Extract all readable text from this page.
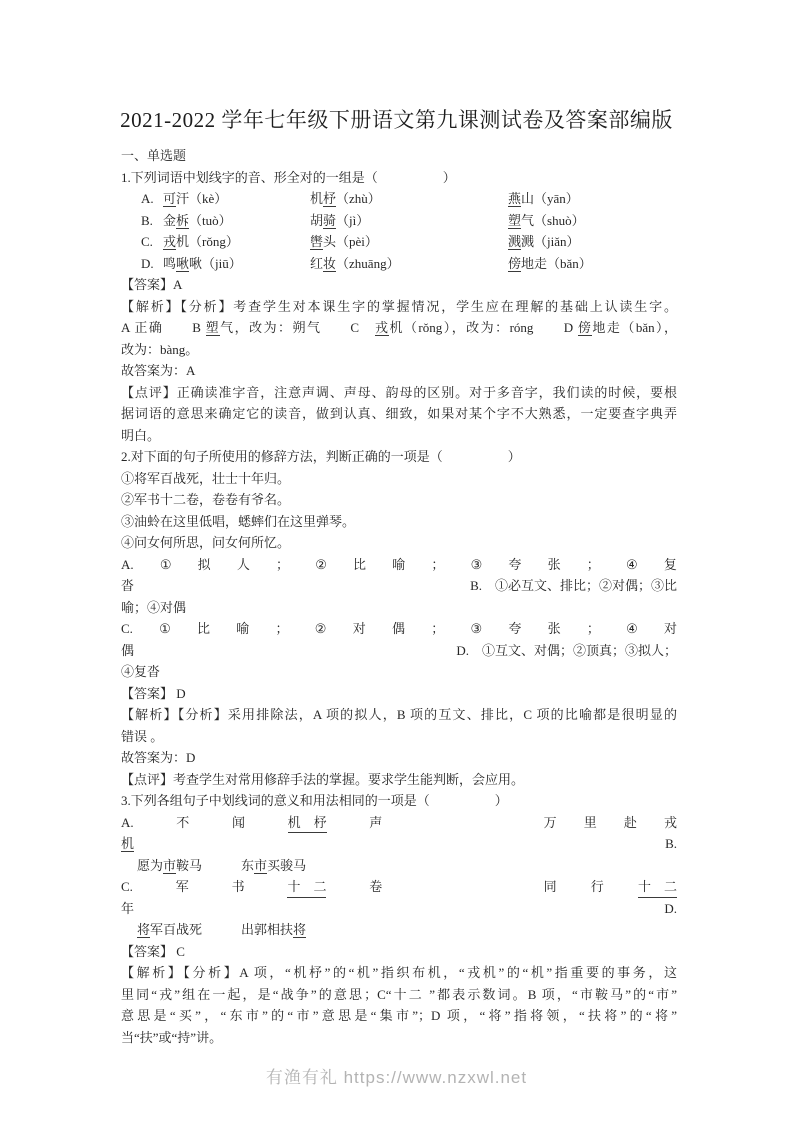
2021-2022 学年七年级下册语文第九课测试卷及答案部编版
一、单选题
1.下列词语中划线字的音、形全对的一组是（　　　　　）
A. 可汗（kè）	机杼（zhù）	燕山（yān）
B. 金柝（tuò）	胡骑（jì）	塑气（shuò）
C. 戎机（rǒng）	辔头（pèi）	溅溅（jiǎn）
D. 鸣啾啾（jiū）	红妆（zhuāng）	傍地走（bǎn）
【答案】A
【解析】【分析】考查学生对本课生字的掌握情况，学生应在理解的基础上认读生字。
A 正确　　B 塑气，改为：朔气　　C　戎机（rǒng），改为：róng　　D 傍地走（bǎn），
改为：bàng。
故答案为：A
【点评】正确读准字音，注意声调、声母、韵母的区别。对于多音字，我们读的时候，要根
据词语的意思来确定它的读音，做到认真、细致，如果对某个字不大熟悉，一定要查字典弄
明白。
2.对下面的句子所使用的修辞方法，判断正确的一项是（　　　　　）
①将军百战死，壮士十年归。
②军书十二卷，卷卷有爷名。
③油蛉在这里低唱，蟋蟀们在这里弹琴。
④问女何所思，问女何所忆。
A. ① 拟 人 ； ② 比 喻 ； ③ 夸 张 ； ④ 复
沓	B.　①必互文、排比；②对偶；③比
喻；④对偶
C. ① 比 喻 ； ② 对 偶 ； ③ 夸 张 ； ④ 对
偶	D.　①互文、对偶；②顶真；③拟人；
④复沓
【答案】 D
【解析】【分析】采用排除法，A 项的拟人，B 项的互文、排比，C 项的比喻都是很明显的
错误 。
故答案为：D
【点评】考查学生对常用修辞手法的掌握。要求学生能判断，会应用。
3.下列各组句子中划线词的意义和用法相同的一项是（　　　　　）
A.	不	闻	机　杼	声	万 里 赴 戎
机	B.
愿为市鞍马　　　东市买骏马
C.	军	书	十　二	卷	同	行	十　二
年	D.
将军百战死　　　出郭相扶将
【答案】 C
【解析】【分析】A 项，“机杼”的“机”指织布机，“戎机”的“机”指重要的事务，这
里同“戎”组在一起，是“战争”的意思；C“十二 ”都表示数词。B 项，“市鞍马”的“市”
意思是“买”，“东市”的“市”意思是“集市”；D 项，“将”指将领，“扶将”的“将”
当“扶”或“持”讲。
有渔有礼 https://www.nzxwl.net
